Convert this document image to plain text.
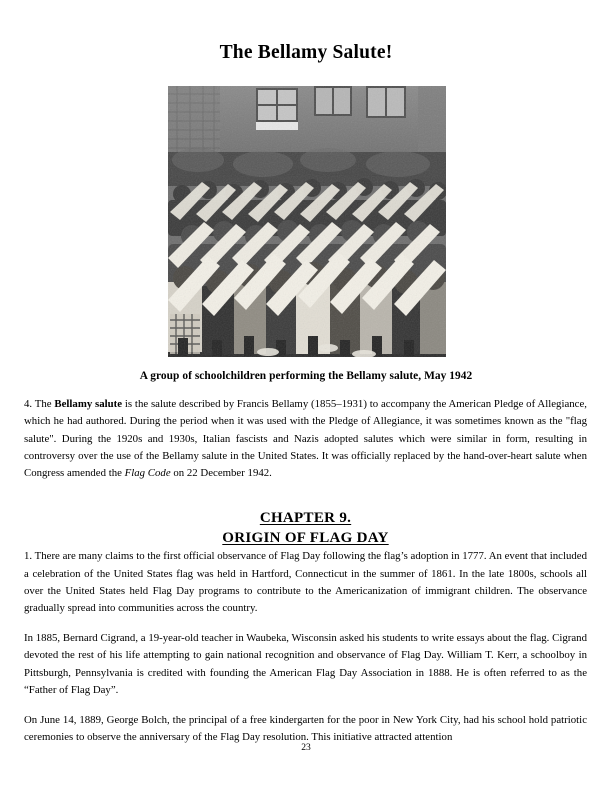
The Bellamy Salute!
A group of schoolchildren performing the Bellamy salute, May 1942

4. The Bellamy salute is the salute described by Francis Bellamy (1855–1931) to accompany the American Pledge of Allegiance, which he had authored. During the period when it was used with the Pledge of Allegiance, it was sometimes known as the "flag salute". During the 1920s and 1930s, Italian fascists and Nazis adopted salutes which were similar in form, resulting in controversy over the use of the Bellamy salute in the United States. It was officially replaced by the hand-over-heart salute when Congress amended the Flag Code on 22 December 1942.

CHAPTER 9.
ORIGIN OF FLAG DAY

1. There are many claims to the first official observance of Flag Day following the flag’s adoption in 1777. An event that included a celebration of the United States flag was held in Hartford, Connecticut in the summer of 1861. In the late 1800s, schools all over the United States held Flag Day programs to contribute to the Americanization of immigrant children. The observance gradually spread into communities across the country.

In 1885, Bernard Cigrand, a 19-year-old teacher in Waubeka, Wisconsin asked his students to write essays about the flag. Cigrand devoted the rest of his life attempting to gain national recognition and observance of Flag Day. William T. Kerr, a schoolboy in Pittsburgh, Pennsylvania is credited with founding the American Flag Day Association in 1888. He is often referred to as the “Father of Flag Day”.

On June 14, 1889, George Bolch, the principal of a free kindergarten for the poor in New York City, had his school hold patriotic ceremonies to observe the anniversary of the Flag Day resolution. This initiative attracted attention

23
